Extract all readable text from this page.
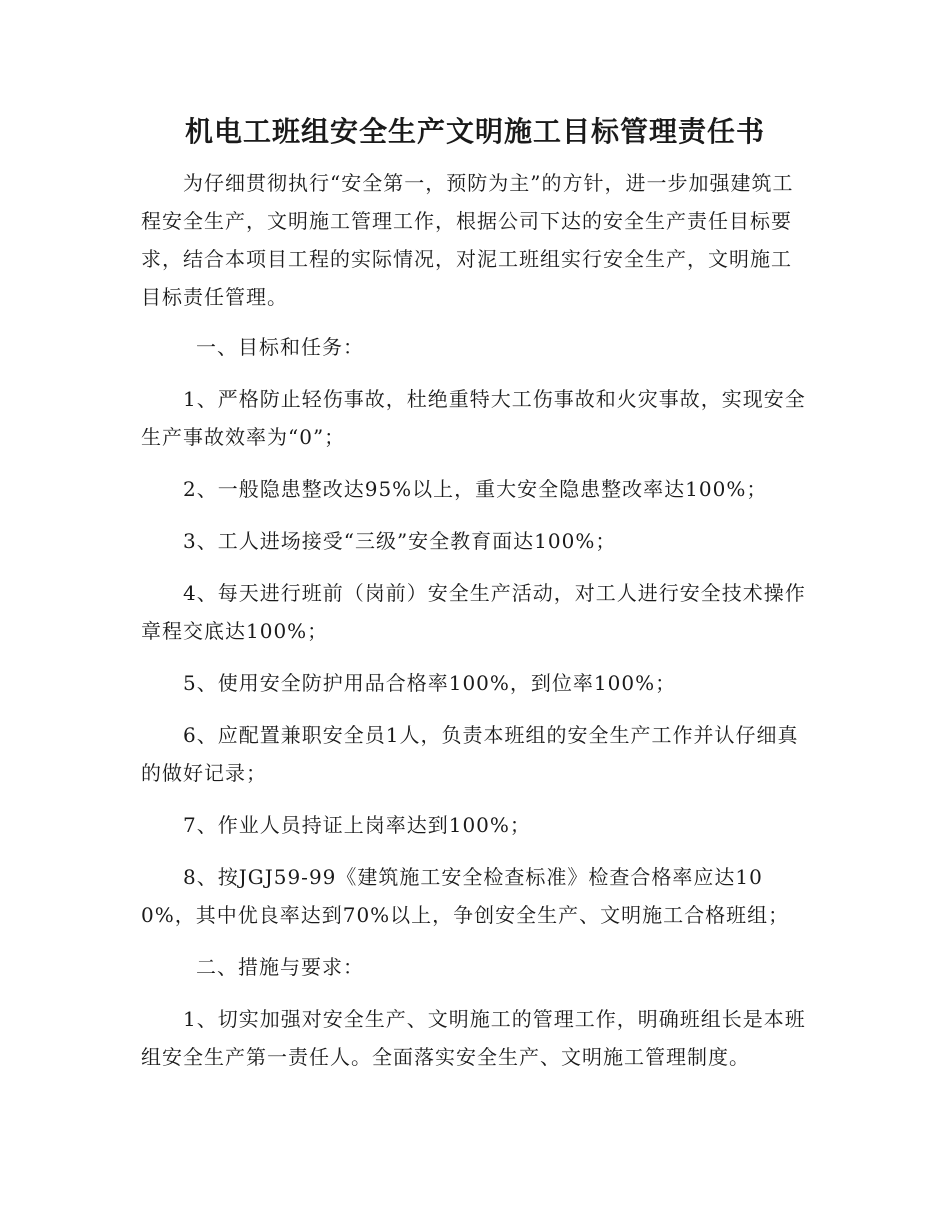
机电工班组安全生产文明施工目标管理责任书
为仔细贯彻执行“安全第一，预防为主”的方针，进一步加强建筑工程安全生产，文明施工管理工作，根据公司下达的安全生产责任目标要求，结合本项目工程的实际情况，对泥工班组实行安全生产，文明施工目标责任管理。
一、目标和任务：
1、严格防止轻伤事故，杜绝重特大工伤事故和火灾事故，实现安全生产事故效率为“0”；
2、一般隐患整改达95%以上，重大安全隐患整改率达100%；
3、工人进场接受“三级”安全教育面达100%；
4、每天进行班前（岗前）安全生产活动，对工人进行安全技术操作章程交底达100%；
5、使用安全防护用品合格率100%，到位率100%；
6、应配置兼职安全员1人，负责本班组的安全生产工作并认仔细真的做好记录；
7、作业人员持证上岗率达到100%；
8、按JGJ59-99《建筑施工安全检查标准》检查合格率应达100%，其中优良率达到70%以上，争创安全生产、文明施工合格班组；
二、措施与要求：
1、切实加强对安全生产、文明施工的管理工作，明确班组长是本班组安全生产第一责任人。全面落实安全生产、文明施工管理制度。
